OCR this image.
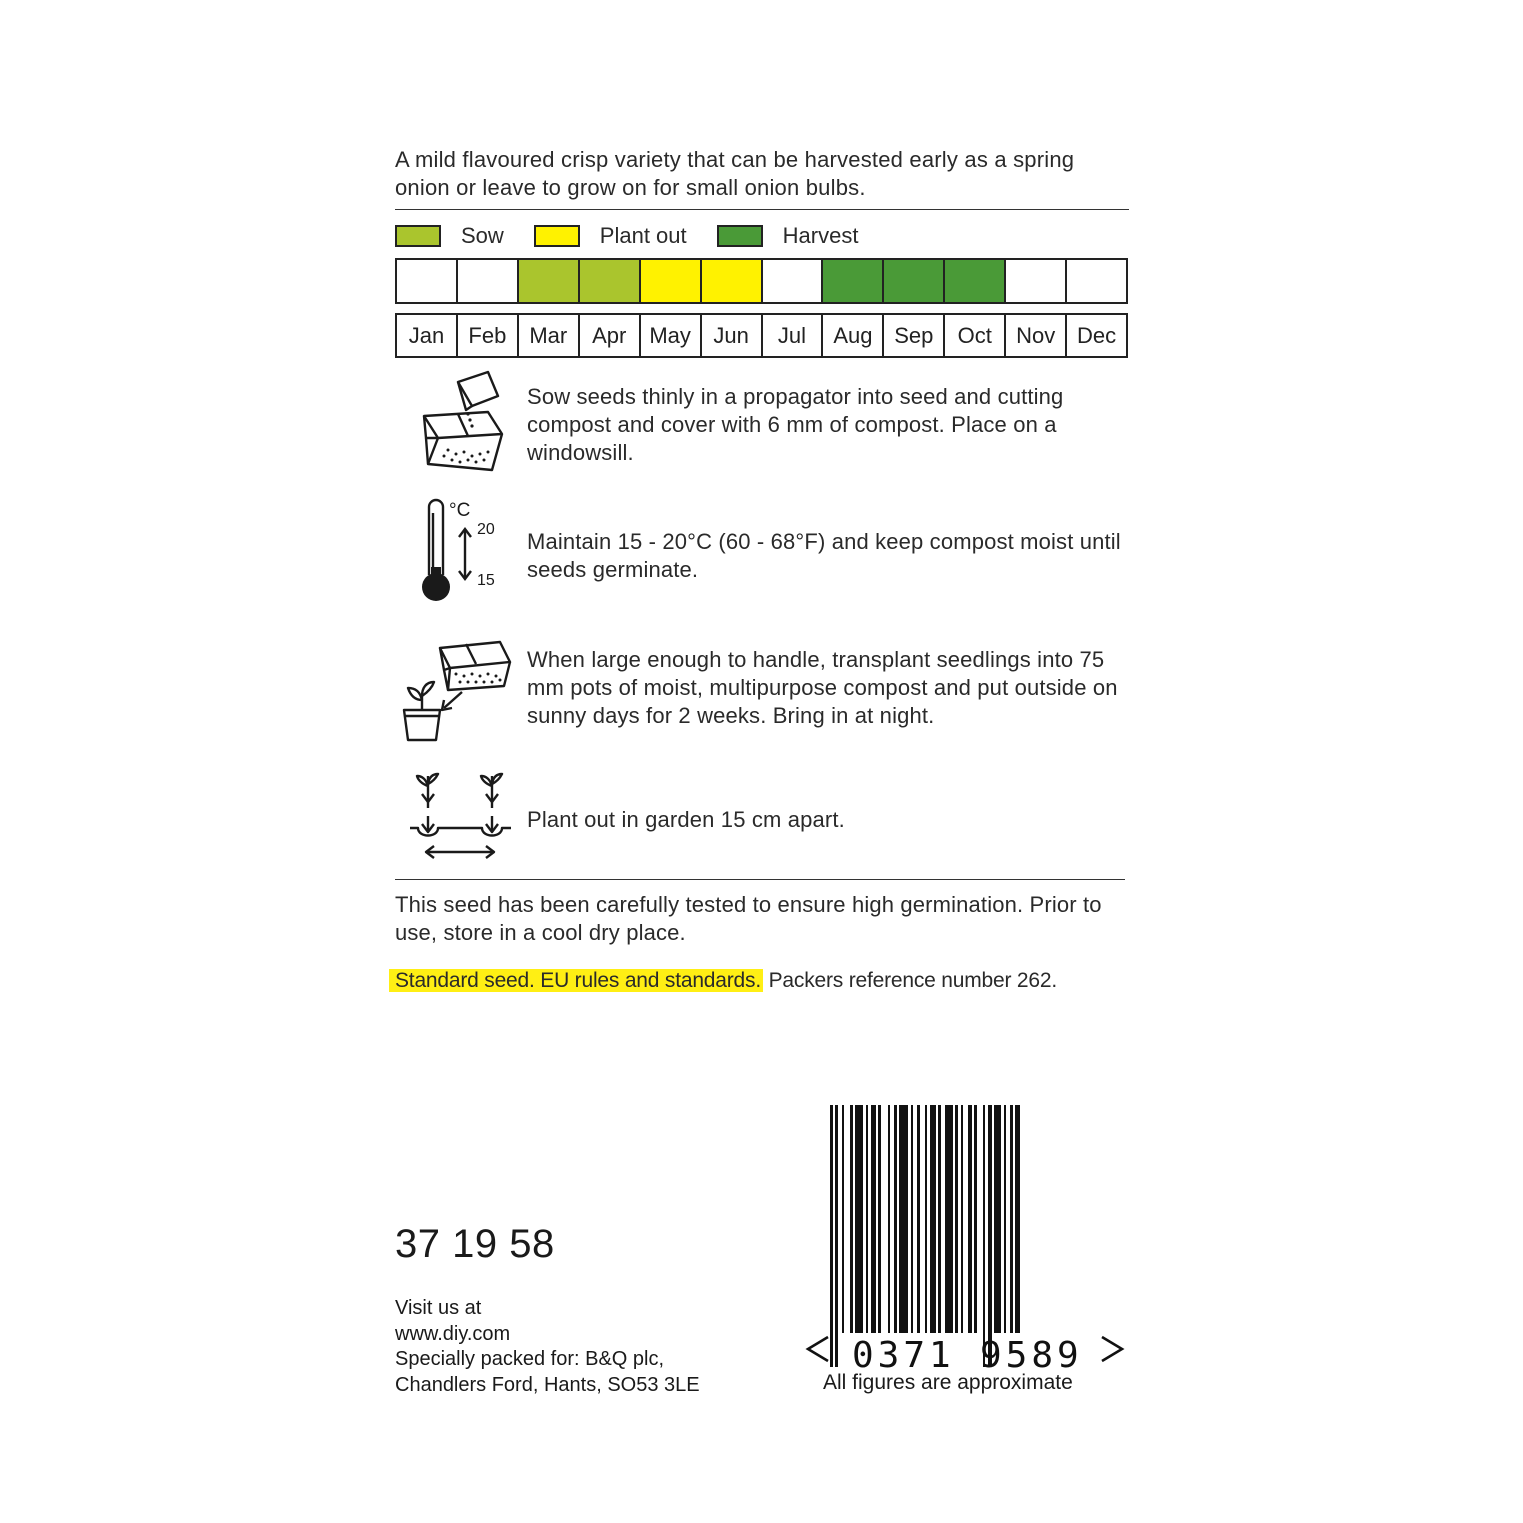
A mild flavoured crisp variety that can be harvested early as a spring onion or leave to grow on for small onion bulbs.
Sow	Plant out	Harvest
Jan	Feb	Mar	Apr	May	Jun	Jul	Aug Sep	Oct	Nov Dec
Sow seeds thinly in a propagator into seed and cutting compost and cover with 6 mm of compost. Place on a windowsill.
°C
20
15
Maintain 15 - 20°C (60 - 68°F) and keep compost moist until seeds germinate.
When large enough to handle, transplant seedlings into 75 mm pots of moist, multipurpose compost and put outside on sunny days for 2 weeks. Bring in at night.
Plant out in garden 15 cm apart.
This seed has been carefully tested to ensure high germination. Prior to use, store in a cool dry place.
Standard seed. EU rules and standards. Packers reference number 262.
37 19 58
Visit us at
www.diy.com
Specially packed for: B&Q plc,
Chandlers Ford, Hants, SO53 3LE
0371 9589
All figures are approximate
